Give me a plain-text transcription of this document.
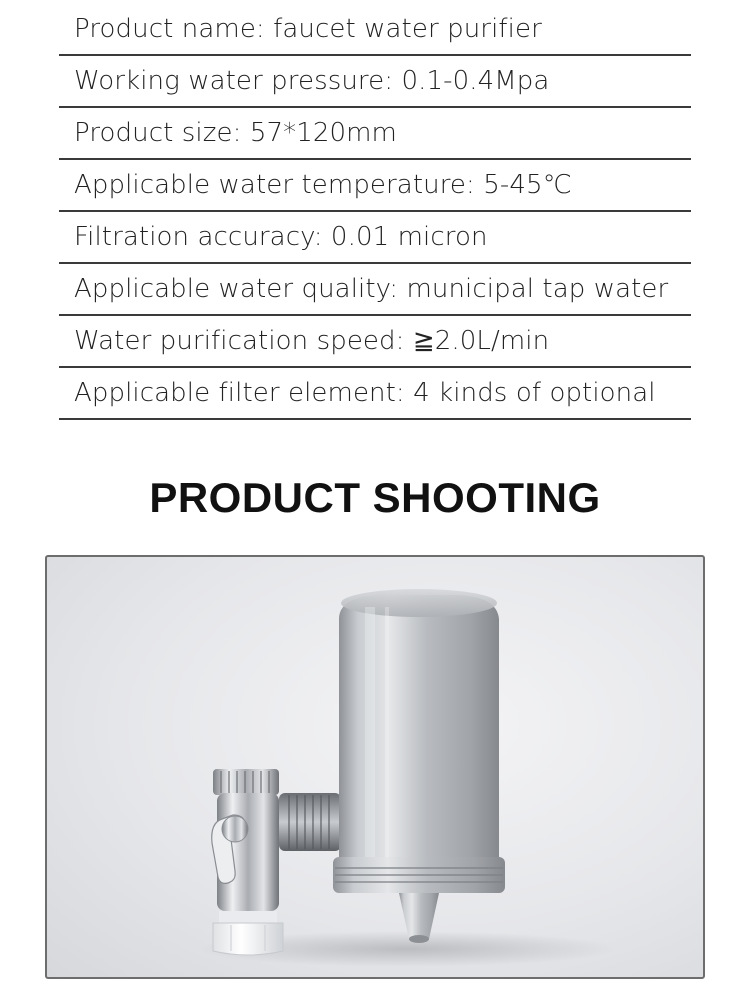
Product name: faucet water purifier
Working water pressure: 0.1-0.4Mpa
Product size: 57*120mm
Applicable water temperature: 5-45℃
Filtration accuracy: 0.01 micron
Applicable water quality: municipal tap water
Water purification speed: ≧2.0L/min
Applicable filter element: 4 kinds of optional
PRODUCT SHOOTING
